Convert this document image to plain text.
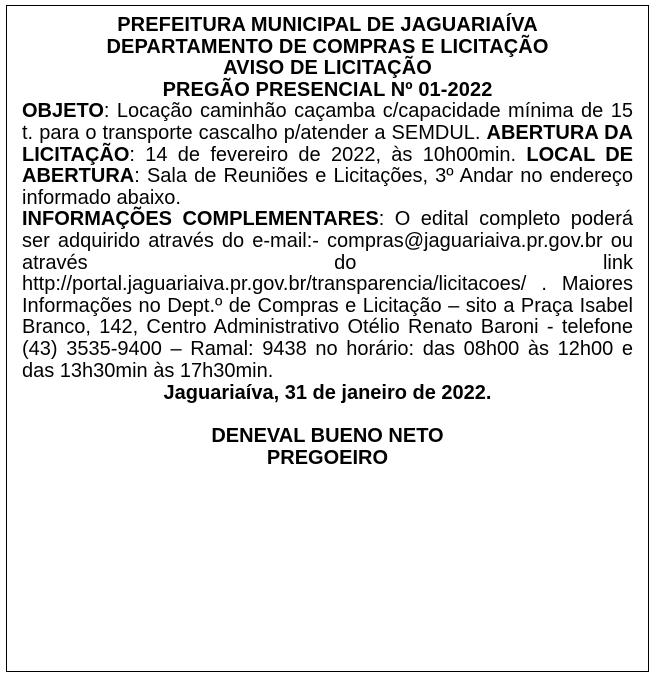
PREFEITURA MUNICIPAL DE JAGUARIAÍVA
DEPARTAMENTO DE COMPRAS E LICITAÇÃO
AVISO DE LICITAÇÃO
PREGÃO PRESENCIAL Nº 01-2022

OBJETO: Locação caminhão caçamba c/capacidade mínima de 15 t. para o transporte cascalho p/atender a SEMDUL. ABERTURA DA LICITAÇÃO: 14 de fevereiro de 2022, às 10h00min. LOCAL DE ABERTURA: Sala de Reuniões e Licitações, 3º Andar no endereço informado abaixo.

INFORMAÇÕES COMPLEMENTARES: O edital completo poderá ser adquirido através do e-mail:- compras@jaguariaiva.pr.gov.br ou através do link http://portal.jaguariaiva.pr.gov.br/transparencia/licitacoes/ . Maiores Informações no Dept.º de Compras e Licitação – sito a Praça Isabel Branco, 142, Centro Administrativo Otélio Renato Baroni - telefone (43) 3535-9400 – Ramal: 9438 no horário: das 08h00 às 12h00 e das 13h30min às 17h30min.

Jaguariaíva, 31 de janeiro de 2022.
DENEVAL BUENO NETO
PREGOEIRO
